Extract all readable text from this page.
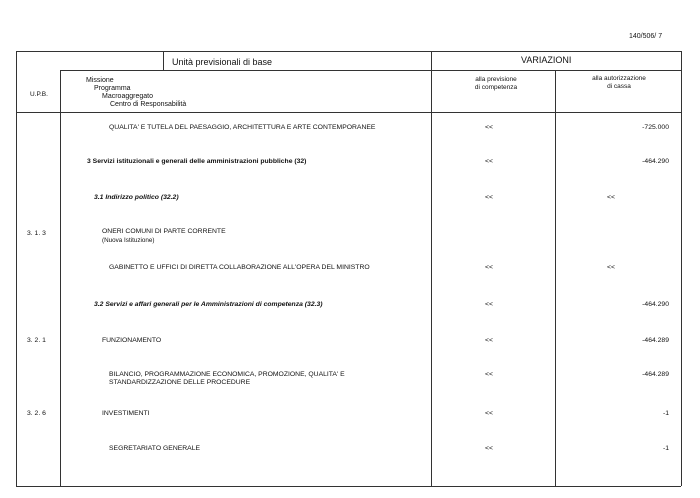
140/506/ 7
Unità previsionali di base	VARIAZIONI
U.P.B.
Missione
Programma
Macroaggregato
Centro di Responsabilità
alla previsione
di competenza
alla autorizzazione
di cassa
QUALITA' E TUTELA DEL PAESAGGIO, ARCHITETTURA E ARTE CONTEMPORANEE	<<	-725.000
3 Servizi istituzionali e generali delle amministrazioni pubbliche (32)	<<	-464.290
3.1 Indirizzo politico (32.2)	<<	<<
3. 1. 3	ONERI COMUNI DI PARTE CORRENTE
(Nuova Istituzione)
GABINETTO E UFFICI DI DIRETTA COLLABORAZIONE ALL'OPERA DEL MINISTRO	<<	<<
3.2 Servizi e affari generali per le Amministrazioni di competenza (32.3)	<<	-464.290
3. 2. 1	FUNZIONAMENTO	<<	-464.289
BILANCIO, PROGRAMMAZIONE ECONOMICA, PROMOZIONE, QUALITA' E
STANDARDIZZAZIONE DELLE PROCEDURE
<<	-464.289
3. 2. 6	INVESTIMENTI	<<	-1
SEGRETARIATO GENERALE	<<	-1
